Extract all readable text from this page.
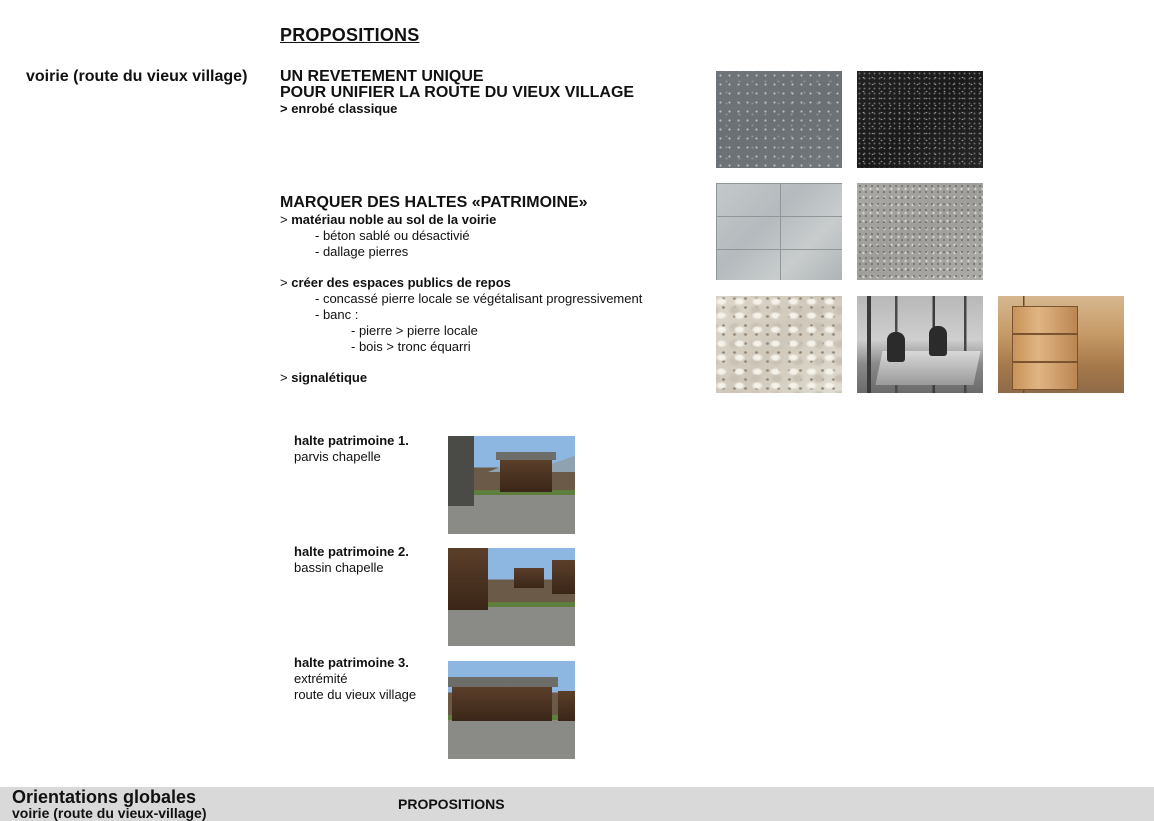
PROPOSITIONS
voirie (route du vieux village) UN REVETEMENT UNIQUE
POUR UNIFIER LA ROUTE DU VIEUX VILLAGE
> enrobé classique
MARQUER DES HALTES «PATRIMOINE»
> matériau noble au sol de la voirie
- béton sablé ou désactivié
- dallage pierres
> créer des espaces publics de repos
- concassé pierre locale se végétalisant progressivement
- banc :
- pierre > pierre locale
- bois > tronc équarri
> signalétique
halte patrimoine 1.
parvis chapelle
halte patrimoine 2.
bassin chapelle
halte patrimoine 3.
extrémité
route du vieux village
Orientations globales
voirie (route du vieux-village)
PROPOSITIONS
